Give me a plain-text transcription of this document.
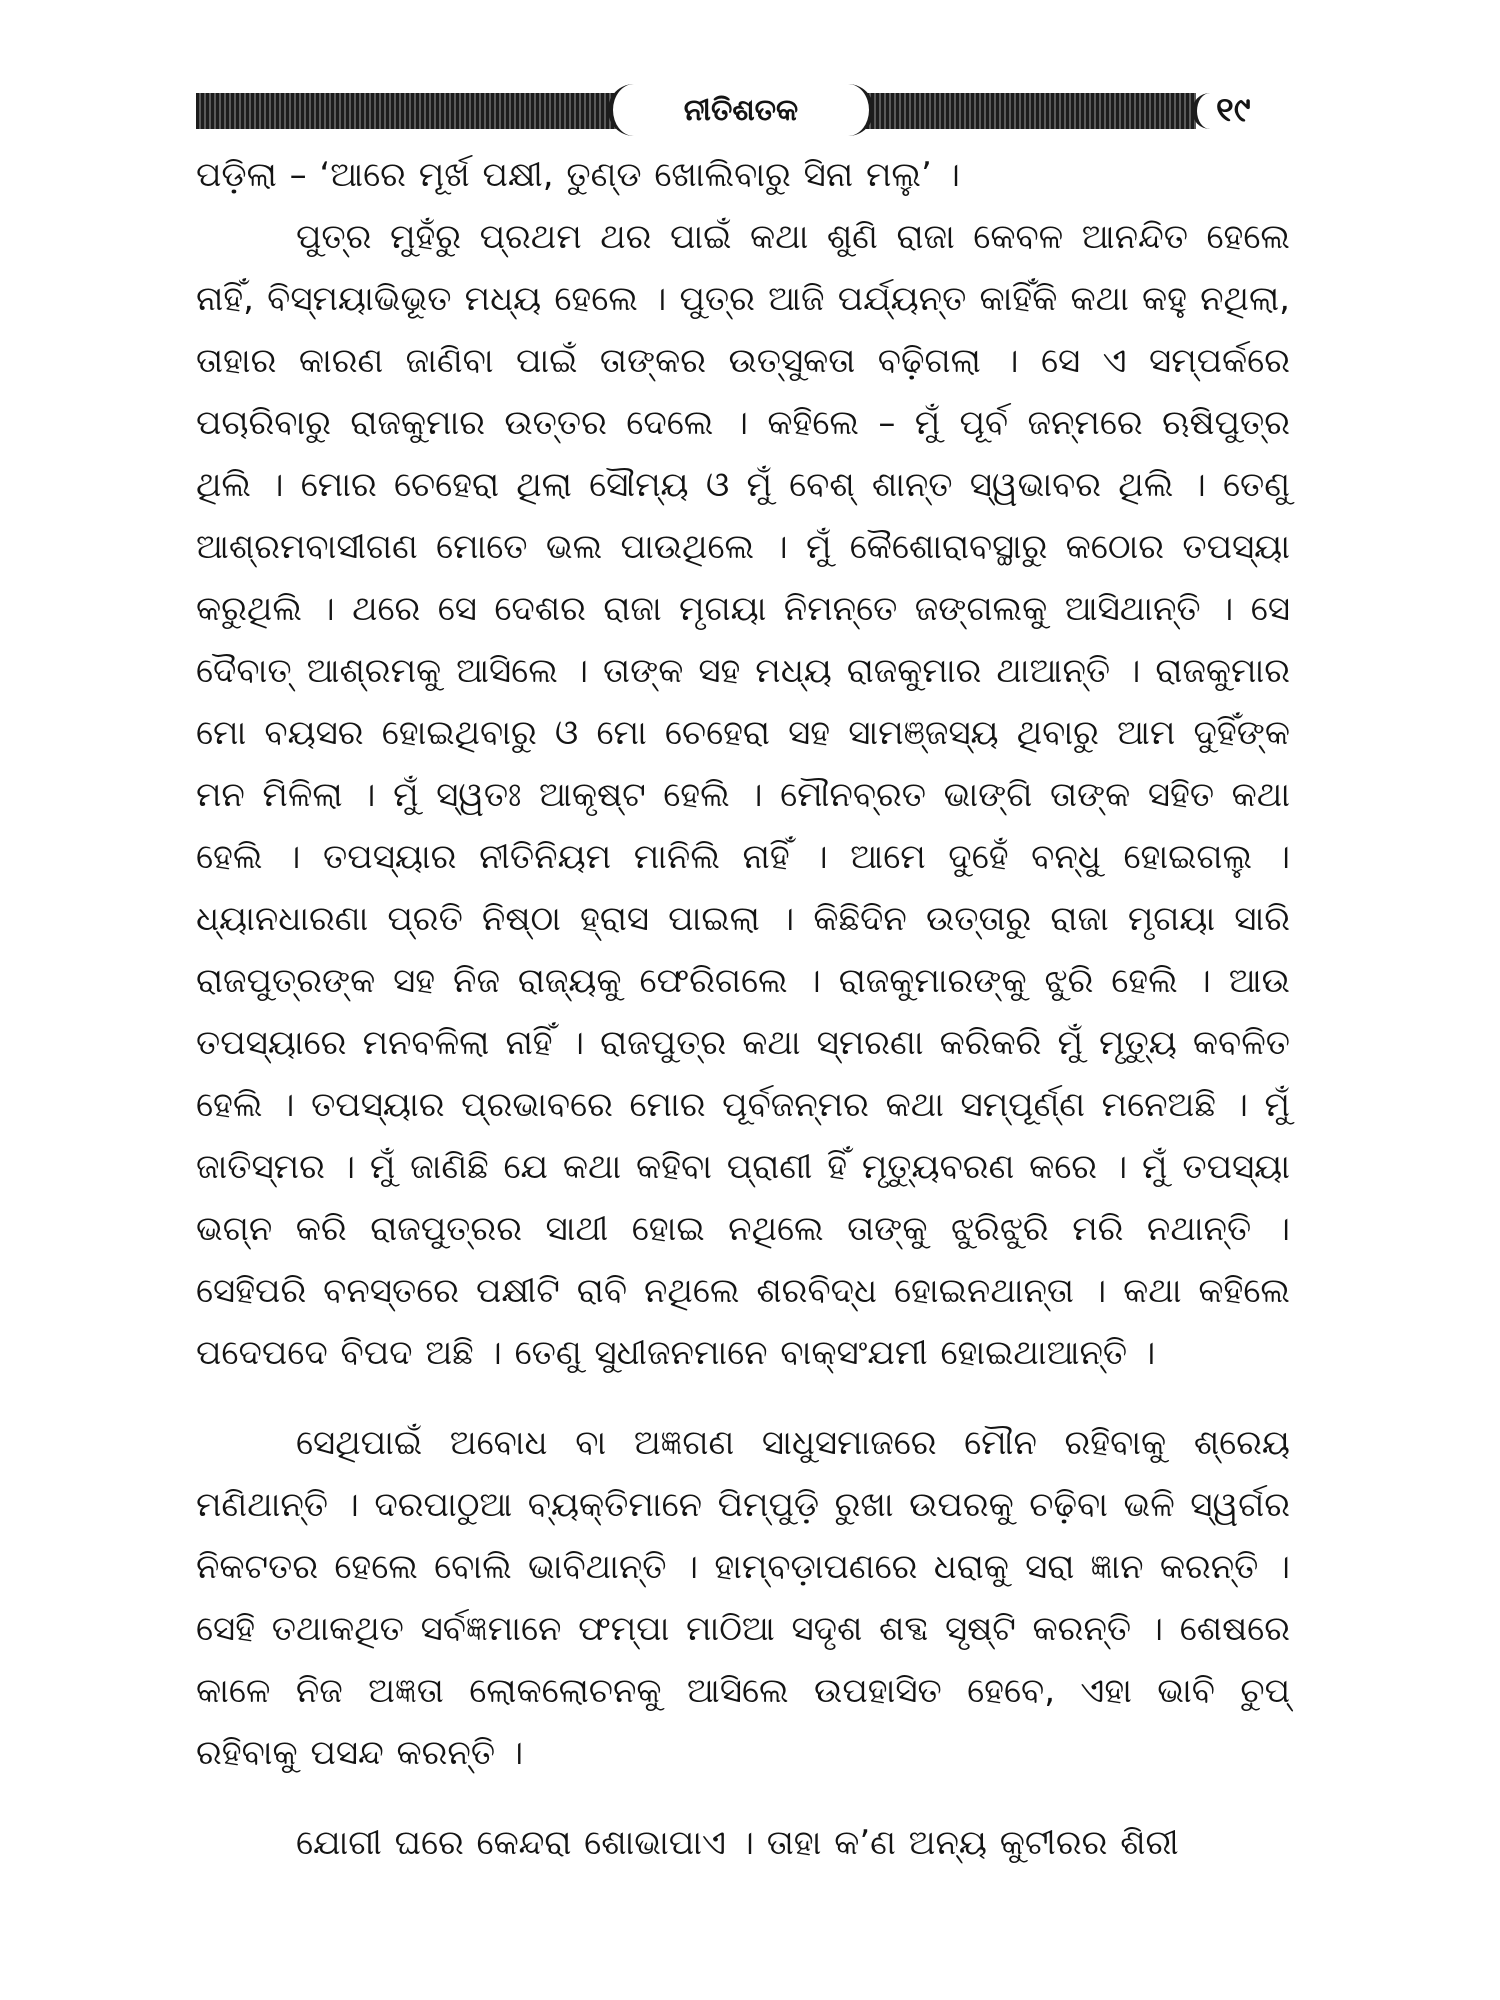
ନୀତିଶତକ	୧୯

ପଡ଼ିଲା – ‘ଆରେ ମୂର୍ଖ ପକ୍ଷୀ, ତୁଣ୍ଡ ଖୋଲିବାରୁ ସିନା ମଲୁ’ ।

ପୁତ୍ର ମୁହଁରୁ ପ୍ରଥମ ଥର ପାଇଁ କଥା ଶୁଣି ରାଜା କେବଳ ଆନନ୍ଦିତ ହେଲେ ନାହିଁ, ବିସ୍ମୟାଭିଭୂତ ମଧ୍ୟ ହେଲେ । ପୁତ୍ର ଆଜି ପର୍ଯ୍ୟନ୍ତ କାହିଁକି କଥା କହୁ ନଥିଲା, ତାହାର କାରଣ ଜାଣିବା ପାଇଁ ତାଙ୍କର ଉତ୍ସୁକତା ବଢ଼ିଗଲା । ସେ ଏ ସମ୍ପର୍କରେ ପଚାରିବାରୁ ରାଜକୁମାର ଉତ୍ତର ଦେଲେ । କହିଲେ – ମୁଁ ପୂର୍ବ ଜନ୍ମରେ ଋଷିପୁତ୍ର ଥିଲି । ମୋର ଚେହେରା ଥିଲା ସୌମ୍ୟ ଓ ମୁଁ ବେଶ୍ ଶାନ୍ତ ସ୍ୱଭାବର ଥିଲି । ତେଣୁ ଆଶ୍ରମବାସୀଗଣ ମୋତେ ଭଲ ପାଉଥିଲେ । ମୁଁ କୈଶୋରାବସ୍ଥାରୁ କଠୋର ତପସ୍ୟା କରୁଥିଲି । ଥରେ ସେ ଦେଶର ରାଜା ମୃଗୟା ନିମନ୍ତେ ଜଙ୍ଗଲକୁ ଆସିଥାନ୍ତି । ସେ ଦୈବାତ୍ ଆଶ୍ରମକୁ ଆସିଲେ । ତାଙ୍କ ସହ ମଧ୍ୟ ରାଜକୁମାର ଥାଆନ୍ତି । ରାଜକୁମାର ମୋ ବୟସର ହୋଇଥିବାରୁ ଓ ମୋ ଚେହେରା ସହ ସାମଞ୍ଜସ୍ୟ ଥିବାରୁ ଆମ ଦୁହିଁଙ୍କ ମନ ମିଳିଲା । ମୁଁ ସ୍ୱତଃ ଆକୃଷ୍ଟ ହେଲି । ମୌନବ୍ରତ ଭାଙ୍ଗି ତାଙ୍କ ସହିତ କଥା ହେଲି । ତପସ୍ୟାର ନୀତିନିୟମ ମାନିଲି ନାହିଁ । ଆମେ ଦୁହେଁ ବନ୍ଧୁ ହୋଇଗଲୁ । ଧ୍ୟାନଧାରଣା ପ୍ରତି ନିଷ୍ଠା ହ୍ରାସ ପାଇଲା । କିଛିଦିନ ଉତ୍ତାରୁ ରାଜା ମୃଗୟା ସାରି ରାଜପୁତ୍ରଙ୍କ ସହ ନିଜ ରାଜ୍ୟକୁ ଫେରିଗଲେ । ରାଜକୁମାରଙ୍କୁ ଝୁରି ହେଲି । ଆଉ ତପସ୍ୟାରେ ମନବଳିଲା ନାହିଁ । ରାଜପୁତ୍ର କଥା ସ୍ମରଣା କରିକରି ମୁଁ ମୃତ୍ୟୁ କବଳିତ ହେଲି । ତପସ୍ୟାର ପ୍ରଭାବରେ ମୋର ପୂର୍ବଜନ୍ମର କଥା ସମ୍ପୂର୍ଣ୍ଣ ମନେଅଛି । ମୁଁ ଜାତିସ୍ମର । ମୁଁ ଜାଣିଛି ଯେ କଥା କହିବା ପ୍ରାଣୀ ହିଁ ମୃତ୍ୟୁବରଣ କରେ । ମୁଁ ତପସ୍ୟା ଭଗ୍ନ କରି ରାଜପୁତ୍ରର ସାଥୀ ହୋଇ ନଥିଲେ ତାଙ୍କୁ ଝୁରିଝୁରି ମରି ନଥାନ୍ତି । ସେହିପରି ବନସ୍ତରେ ପକ୍ଷୀଟି ରାବି ନଥିଲେ ଶରବିଦ୍ଧ ହୋଇନଥାନ୍ତା । କଥା କହିଲେ ପଦେପଦେ ବିପଦ ଅଛି । ତେଣୁ ସୁଧୀଜନମାନେ ବାକ୍‌ସଂଯମୀ ହୋଇଥାଆନ୍ତି ।

ସେଥିପାଇଁ ଅବୋଧ ବା ଅଜ୍ଞଗଣ ସାଧୁସମାଜରେ ମୌନ ରହିବାକୁ ଶ୍ରେୟ ମଣିଥାନ୍ତି । ଦରପାଠୁଆ ବ୍ୟକ୍ତିମାନେ ପିମ୍ପୁଡ଼ି ରୁଖା ଉପରକୁ ଚଢ଼ିବା ଭଳି ସ୍ୱର୍ଗର ନିକଟତର ହେଲେ ବୋଲି ଭାବିଥାନ୍ତି । ହାମ୍ବଡ଼ାପଣରେ ଧରାକୁ ସରା ଜ୍ଞାନ କରନ୍ତି । ସେହି ତଥାକଥିତ ସର୍ବଜ୍ଞମାନେ ଫମ୍ପା ମାଠିଆ ସଦୃଶ ଶବ୍ଦ ସୃଷ୍ଟି କରନ୍ତି । ଶେଷରେ କାଳେ ନିଜ ଅଜ୍ଞତା ଲୋକଲୋଚନକୁ ଆସିଲେ ଉପହାସିତ ହେବେ, ଏହା ଭାବି ଚୁପ୍ ରହିବାକୁ ପସନ୍ଦ କରନ୍ତି ।

ଯୋଗୀ ଘରେ କେନ୍ଦରା ଶୋଭାପାଏ । ତାହା କ’ଣ ଅନ୍ୟ କୁଟୀରର ଶିରୀ
